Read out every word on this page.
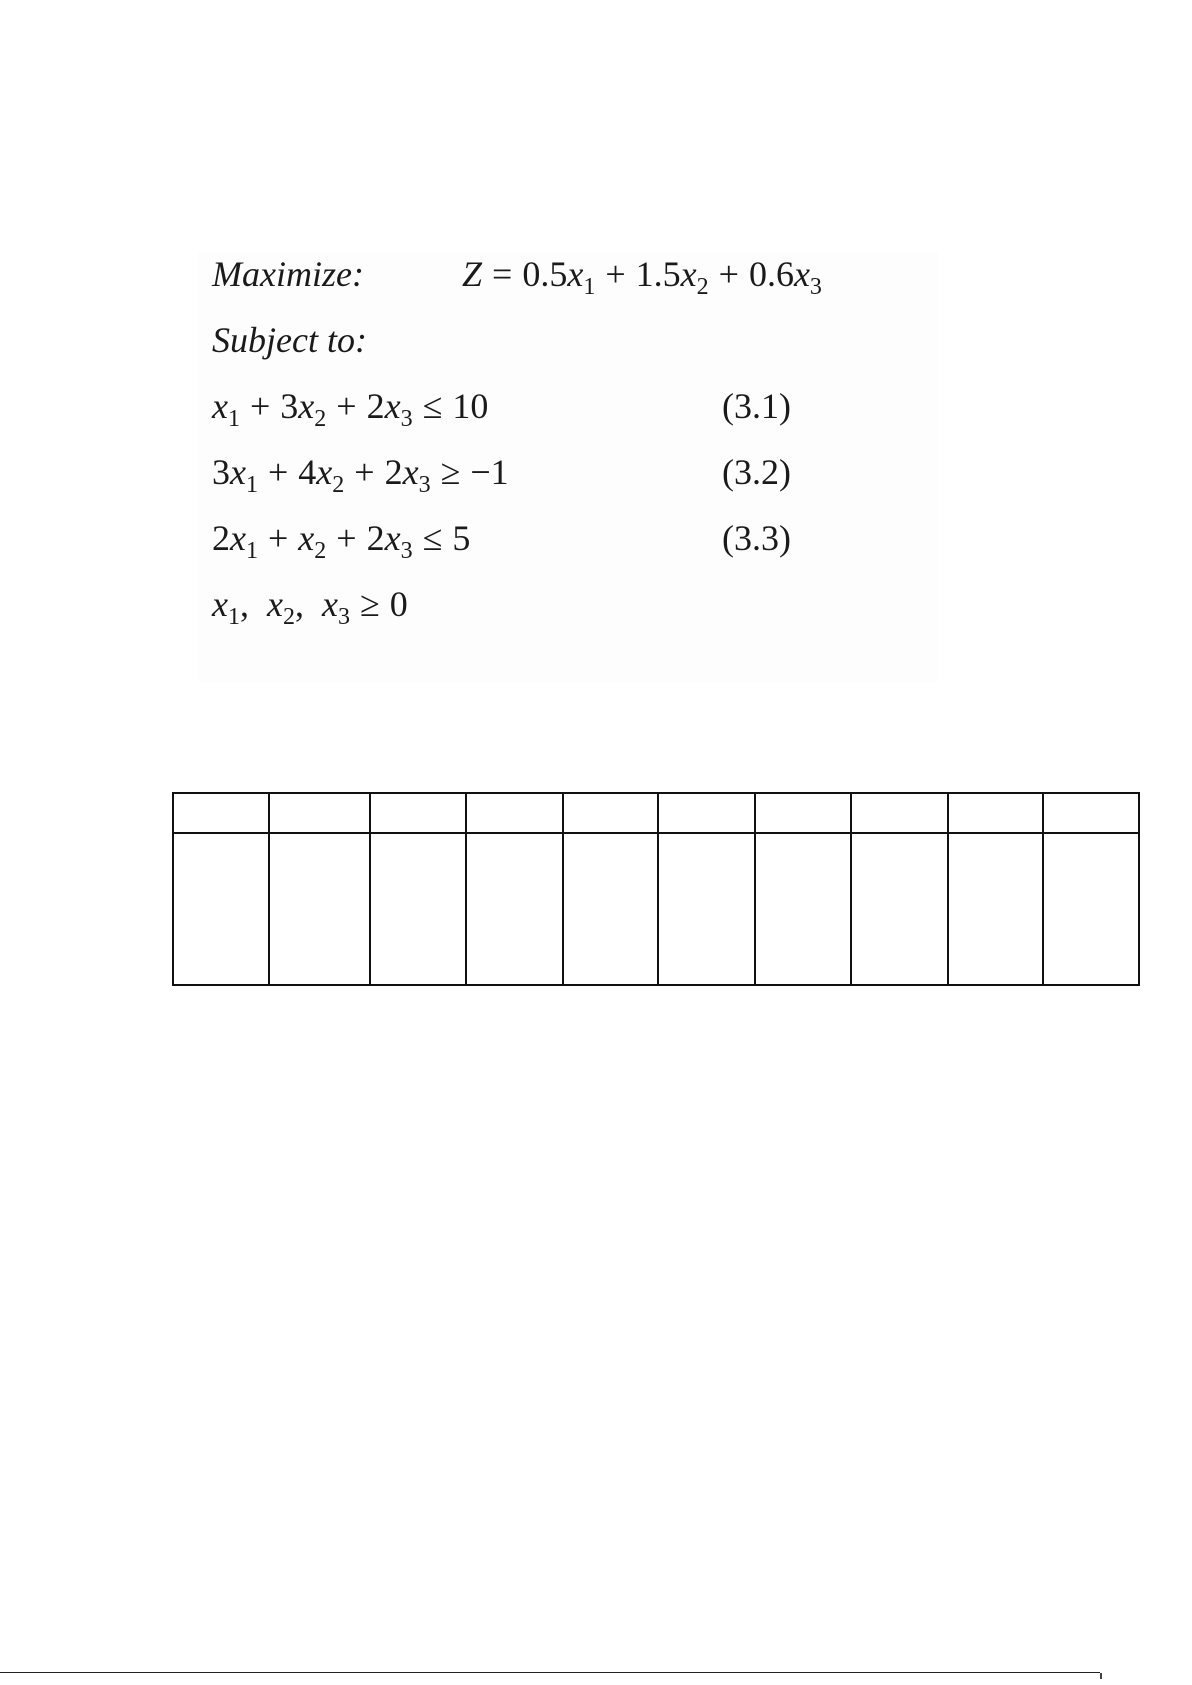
Maximize:	$Z = 0.5x_1 + 1.5x_2 + 0.6x_3$
Subject to:
$x_1 + 3x_2 + 2x_3 \le 10$	(3.1)
$3x_1 + 4x_2 + 2x_3 \ge -1$	(3.2)
$2x_1 + x_2 + 2x_3 \le 5$	(3.3)
$x_1$,  $x_2$,  $x_3 \ge 0$
